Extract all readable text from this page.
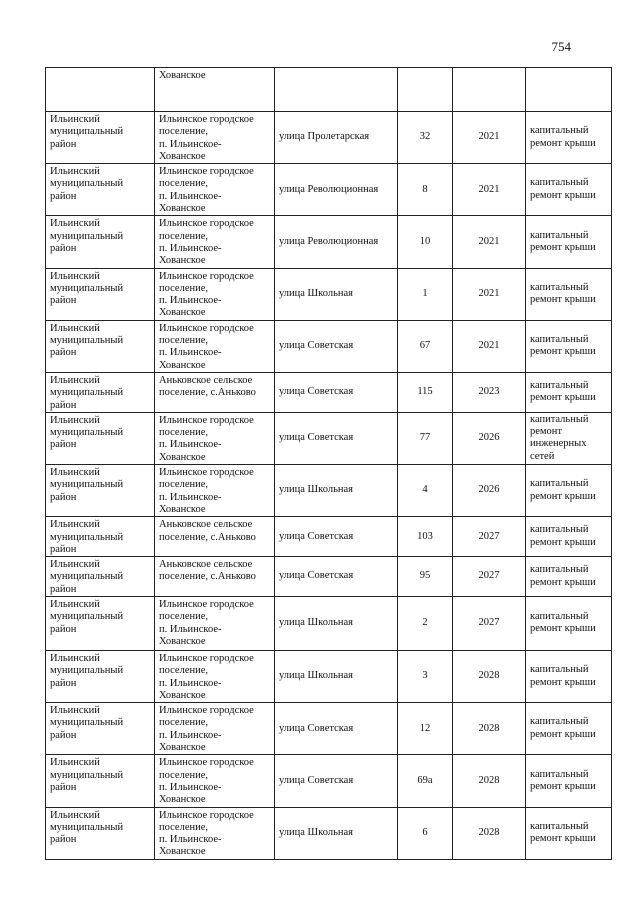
754

	Хованское				

Ильинский
муниципальный
район	Ильинское городское
поселение,
п. Ильинское-
Хованское	улица Пролетарская	32	2021	капитальный
ремонт крыши

Ильинский
муниципальный
район	Ильинское городское
поселение,
п. Ильинское-
Хованское	улица Революционная	8	2021	капитальный
ремонт крыши

Ильинский
муниципальный
район	Ильинское городское
поселение,
п. Ильинское-
Хованское	улица Революционная	10	2021	капитальный
ремонт крыши

Ильинский
муниципальный
район	Ильинское городское
поселение,
п. Ильинское-
Хованское	улица Школьная	1	2021	капитальный
ремонт крыши

Ильинский
муниципальный
район	Ильинское городское
поселение,
п. Ильинское-
Хованское	улица Советская	67	2021	капитальный
ремонт крыши

Ильинский
муниципальный
район	Аньковское сельское
поселение, с.Аньково	улица Советская	115	2023	капитальный
ремонт крыши

Ильинский
муниципальный
район	Ильинское городское
поселение,
п. Ильинское-
Хованское	улица Советская	77	2026	капитальный
ремонт
инженерных
сетей

Ильинский
муниципальный
район	Ильинское городское
поселение,
п. Ильинское-
Хованское	улица Школьная	4	2026	капитальный
ремонт крыши

Ильинский
муниципальный
район	Аньковское сельское
поселение, с.Аньково	улица Советская	103	2027	капитальный
ремонт крыши

Ильинский
муниципальный
район	Аньковское сельское
поселение, с.Аньково	улица Советская	95	2027	капитальный
ремонт крыши

Ильинский
муниципальный
район	Ильинское городское
поселение,
п. Ильинское-
Хованское	улица Школьная	2	2027	капитальный
ремонт крыши

Ильинский
муниципальный
район	Ильинское городское
поселение,
п. Ильинское-
Хованское	улица Школьная	3	2028	капитальный
ремонт крыши

Ильинский
муниципальный
район	Ильинское городское
поселение,
п. Ильинское-
Хованское	улица Советская	12	2028	капитальный
ремонт крыши

Ильинский
муниципальный
район	Ильинское городское
поселение,
п. Ильинское-
Хованское	улица Советская	69а	2028	капитальный
ремонт крыши

Ильинский
муниципальный
район	Ильинское городское
поселение,
п. Ильинское-
Хованское	улица Школьная	6	2028	капитальный
ремонт крыши
